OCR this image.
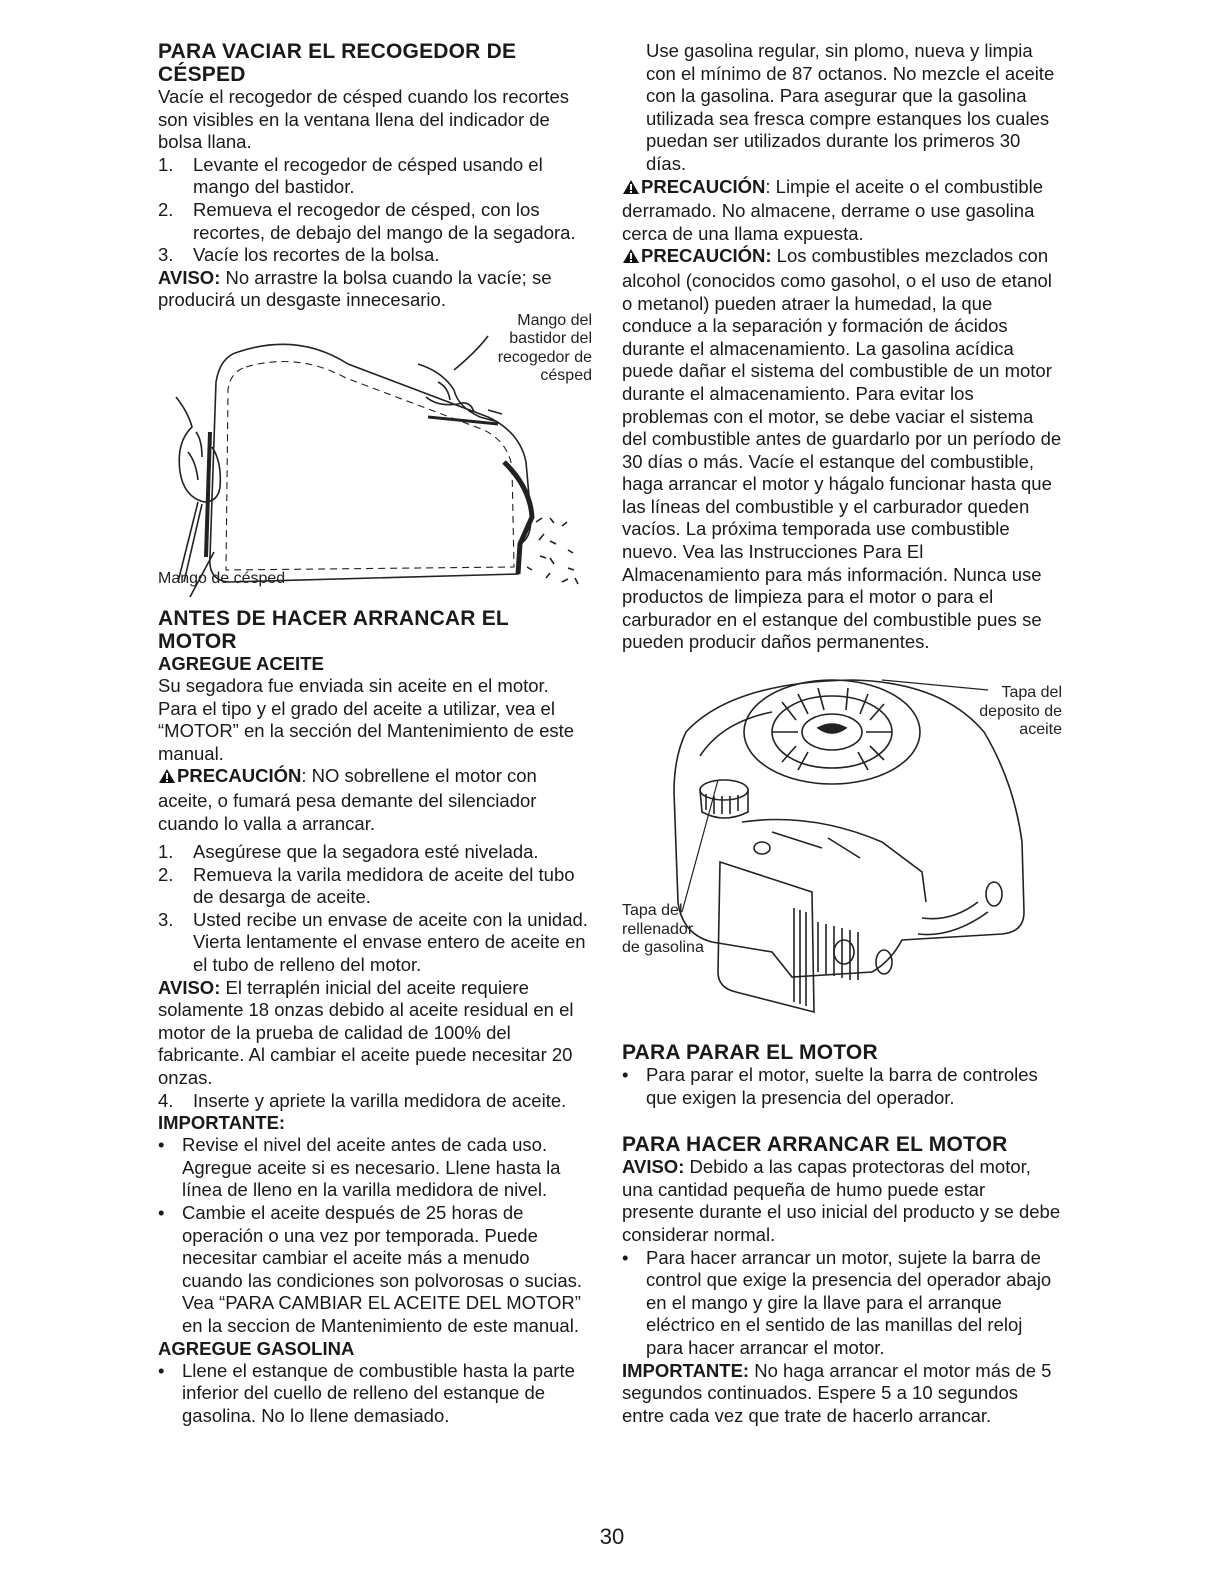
PARA VACIAR EL RECOGEDOR DE CÉSPED

Vacíe el recogedor de césped cuando los recortes son visibles en la ventana llena del indicador de bolsa llana.

1.	Levante el recogedor de césped usando el mango del bastidor.
2.	Remueva el recogedor de césped, con los recortes, de debajo del mango de la segadora.
3.	Vacíe los recortes de la bolsa.

AVISO: No arrastre la bolsa cuando la vacíe; se producirá un desgaste innecesario.

Mango del bastidor del recogedor de césped
Mango de césped
ANTES DE HACER ARRANCAR EL MOTOR
AGREGUE ACEITE

Su segadora fue enviada sin aceite en el motor. Para el tipo y el grado del aceite a utilizar, vea el “MOTOR” en la sección del Mantenimiento de este manual.

PRECAUCIÓN: NO sobrellene el motor con aceite, o fumará pesa demante del silenciador cuando lo valla a arrancar.

1.	Asegúrese que la segadora esté nivelada.
2.	Remueva la varila medidora de aceite del tubo de desarga de aceite.
3.	Usted recibe un envase de aceite con la unidad. Vierta lentamente el envase entero de aceite en el tubo de relleno del motor.

AVISO: El terraplén inicial del aceite requiere solamente 18 onzas debido al aceite residual en el motor de la prueba de calidad de 100% del fabricante. Al cambiar el aceite puede necesitar 20 onzas.

4.	Inserte y apriete la varilla medidora de aceite.
IMPORTANTE:
• Revise el nivel del aceite antes de cada uso. Agregue aceite si es necesario. Llene hasta la línea de lleno en la varilla medidora de nivel.
• Cambie el aceite después de 25 horas de operación o una vez por temporada. Puede necesitar cambiar el aceite más a menudo cuando las condiciones son polvorosas o sucias. Vea “PARA CAMBIAR EL ACEITE DEL MOTOR” en la seccion de Mantenimiento de este manual.
AGREGUE GASOLINA
• Llene el estanque de combustible hasta la parte inferior del cuello de relleno del estanque de gasolina. No lo llene demasiado.

Use gasolina regular, sin plomo, nueva y limpia con el mínimo de 87 octanos. No mezcle el aceite con la gasolina. Para asegurar que la gasolina utilizada sea fresca compre estanques los cuales puedan ser utilizados durante los primeros 30 días.

PRECAUCIÓN: Limpie el aceite o el combustible derramado. No almacene, derrame o use gasolina cerca de una llama expuesta.

PRECAUCIÓN: Los combustibles mezclados con alcohol (conocidos como gasohol, o el uso de etanol o metanol) pueden atraer la humedad, la que conduce a la separación y formación de ácidos durante el almacenamiento. La gasolina acídica puede dañar el sistema del combustible de un motor durante el almacenamiento. Para evitar los problemas con el motor, se debe vaciar el sistema del combustible antes de guardarlo por un período de 30 días o más. Vacíe el estanque del combustible, haga arrancar el motor y hágalo funcionar hasta que las líneas del combustible y el carburador queden vacíos. La próxima temporada use combustible nuevo. Vea las Instrucciones Para El Almacenamiento para más información. Nunca use productos de limpieza para el motor o para el carburador en el estanque del combustible pues se pueden producir daños permanentes.

Tapa del deposito de aceite
Tapa del rellenador de gasolina
PARA PARAR EL MOTOR
• Para parar el motor, suelte la barra de controles que exigen la presencia del operador.
PARA HACER ARRANCAR EL MOTOR

AVISO: Debido a las capas protectoras del motor, una cantidad pequeña de humo puede estar presente durante el uso inicial del producto y se debe considerar normal.

• Para hacer arrancar un motor, sujete la barra de control que exige la presencia del operador abajo en el mango y gire la llave para el arranque eléctrico en el sentido de las manillas del reloj para hacer arrancar el motor.

IMPORTANTE: No haga arrancar el motor más de 5 segundos continuados. Espere 5 a 10 segundos entre cada vez que trate de hacerlo arrancar.

30
